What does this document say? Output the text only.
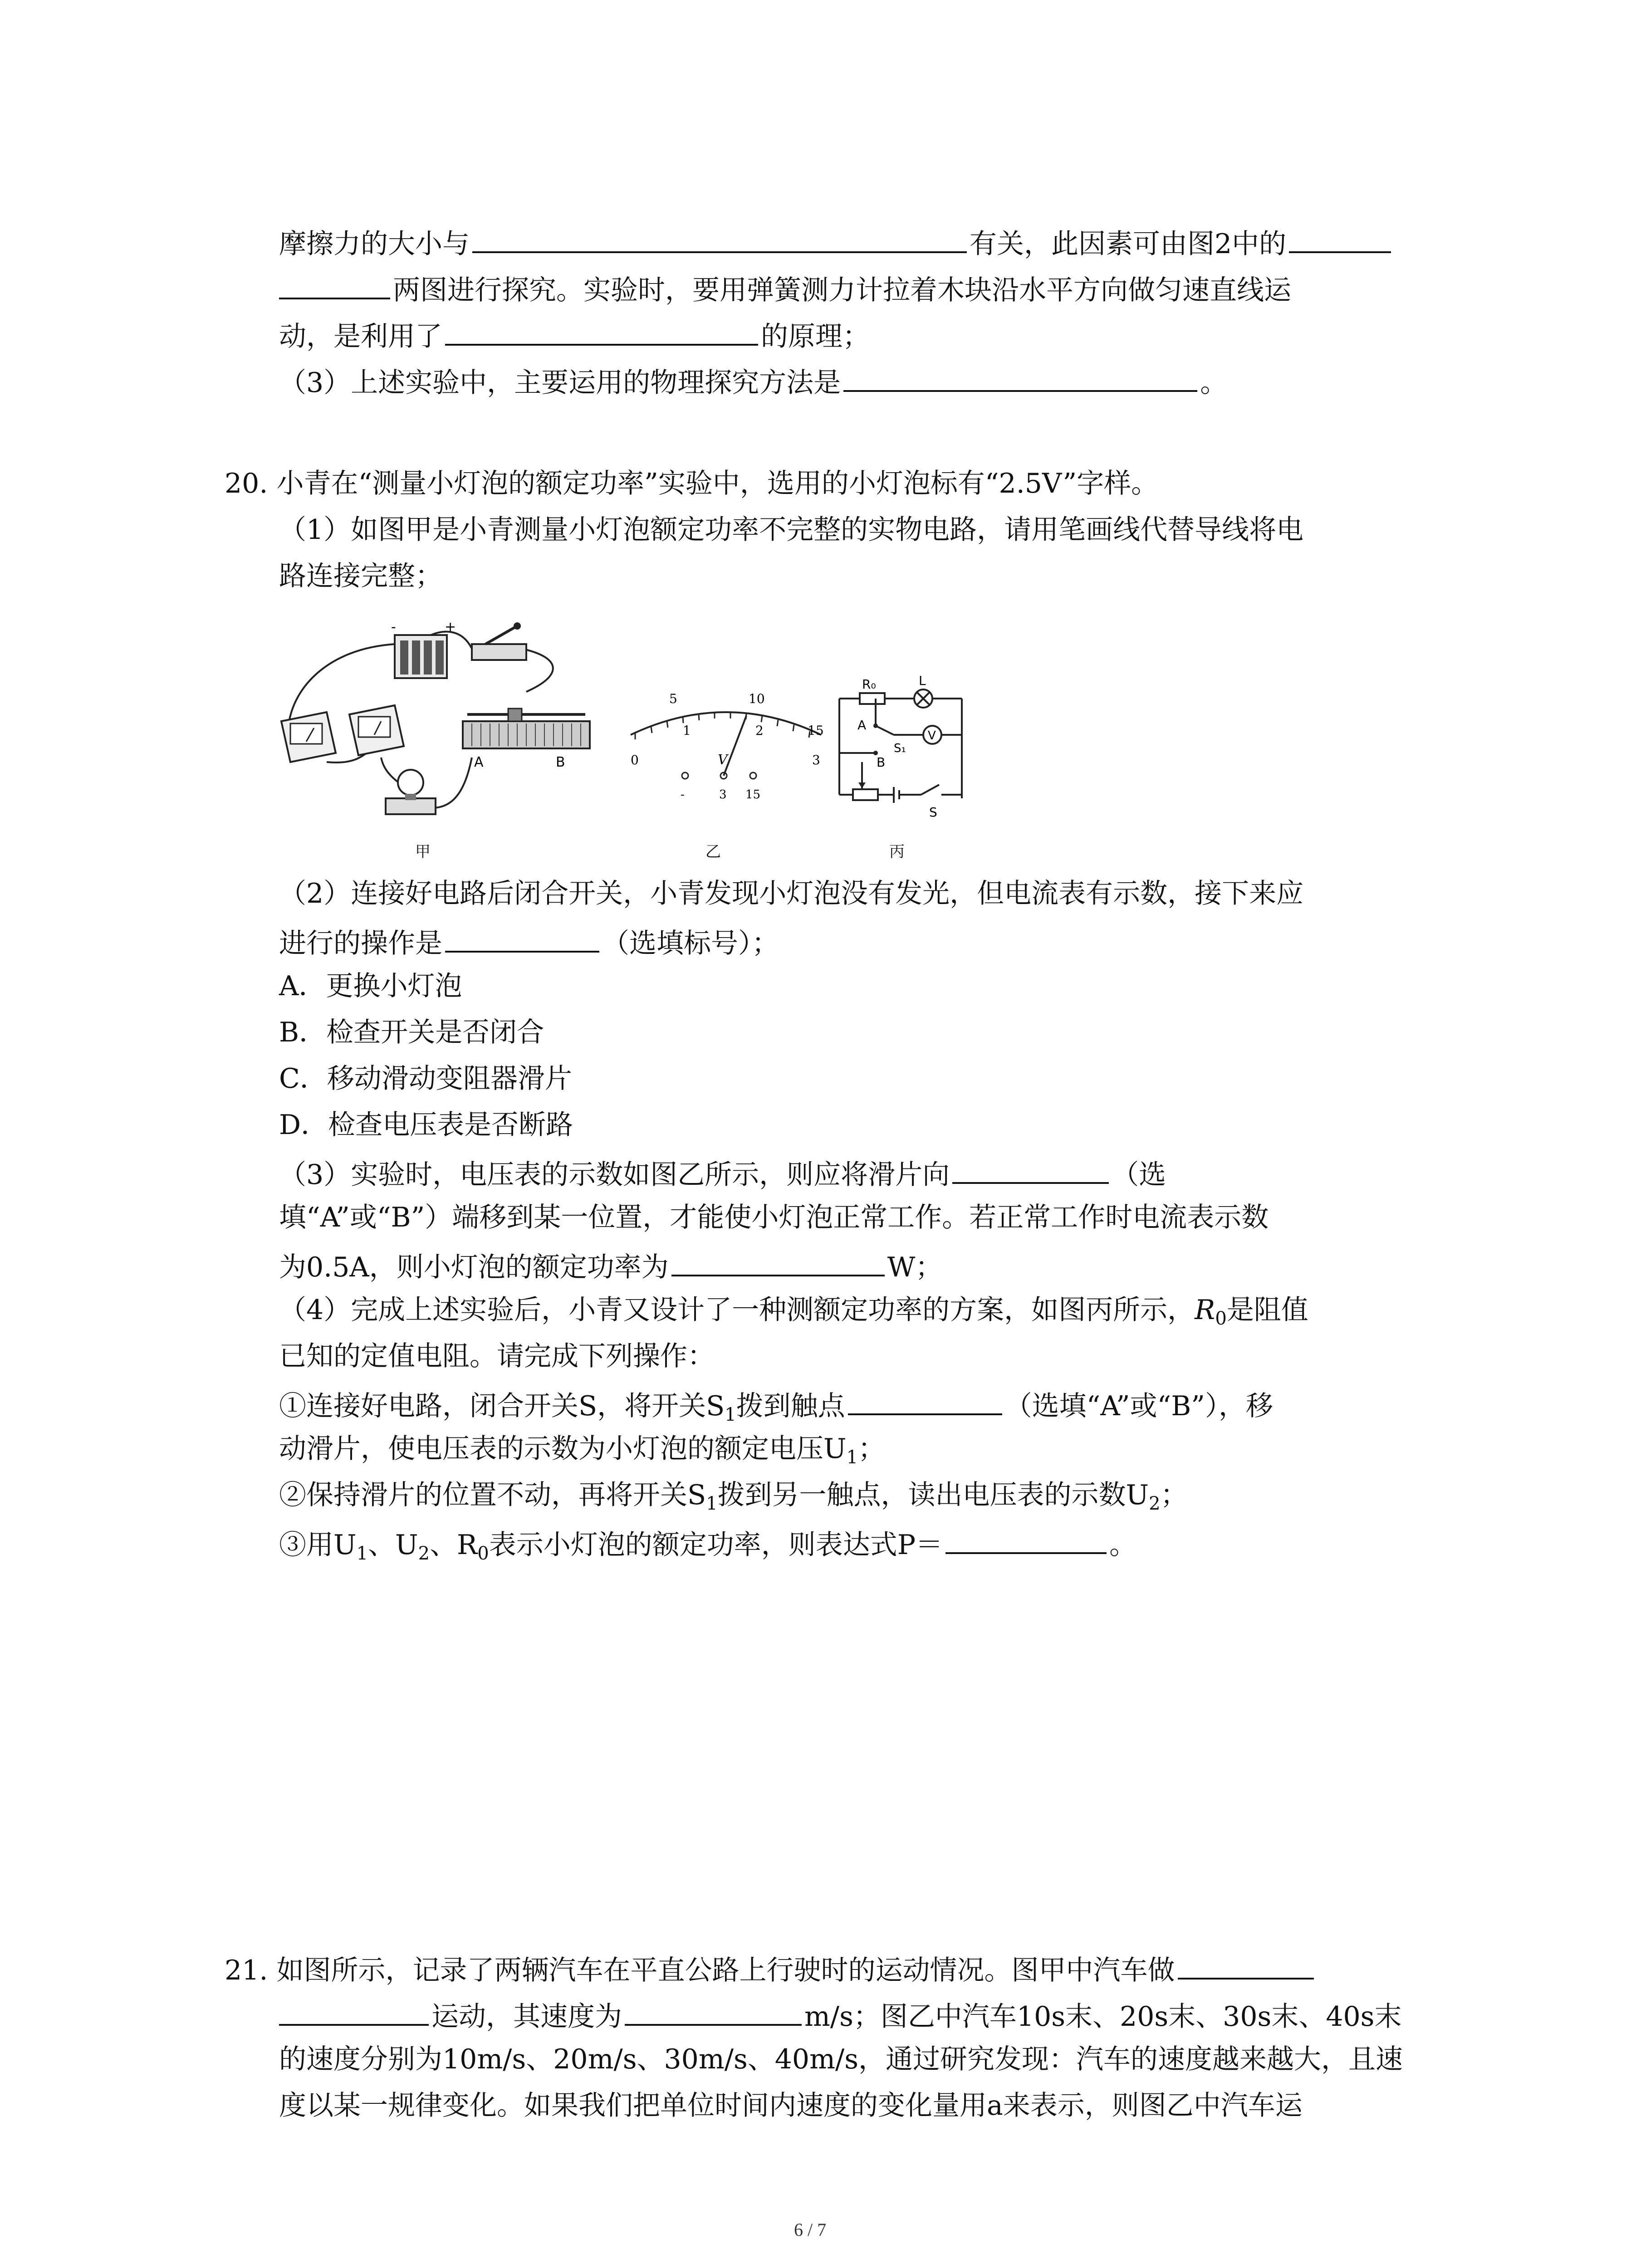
摩擦力的大小与	有关，此因素可由图2中的
两图进行探究。实验时，要用弹簧测力计拉着木块沿水平方向做匀速直线运
动，是利用了	的原理；
（3）上述实验中，主要运用的物理探究方法是	。
20. 小青在“测量小灯泡的额定功率”实验中，选用的小灯泡标有“2.5V”字样。
（1）如图甲是小青测量小灯泡额定功率不完整的实物电路，请用笔画线代替导线将电
路连接完整；
-	+
A	B
甲
5	10
0
1	2
3
15
V
-	3 15
乙
R₀	L
A
B
S₁
V
S
丙
（2）连接好电路后闭合开关，小青发现小灯泡没有发光，但电流表有示数，接下来应
进行的操作是	（选填标号）；
A．更换小灯泡
B．检查开关是否闭合
C．移动滑动变阻器滑片
D．检查电压表是否断路
（3）实验时，电压表的示数如图乙所示，则应将滑片向	（选
填“A”或“B”）端移到某一位置，才能使小灯泡正常工作。若正常工作时电流表示数
为0.5A，则小灯泡的额定功率为	W；
（4）完成上述实验后，小青又设计了一种测额定功率的方案，如图丙所示，$R_0$是阻值
已知的定值电阻。请完成下列操作：
①连接好电路，闭合开关S，将开关$S_1$拨到触点	（选填“A”或“B”），移
动滑片，使电压表的示数为小灯泡的额定电压$U_1$；
②保持滑片的位置不动，再将开关$S_1$拨到另一触点，读出电压表的示数$U_2$；
③用$U_1$、$U_2$、$R_0$表示小灯泡的额定功率，则表达式P＝	。
21. 如图所示，记录了两辆汽车在平直公路上行驶时的运动情况。图甲中汽车做
运动，其速度为	m/s；图乙中汽车10s末、20s末、30s末、40s末
的速度分别为10m/s、20m/s、30m/s、40m/s，通过研究发现：汽车的速度越来越大，且速
度以某一规律变化。如果我们把单位时间内速度的变化量用a来表示，则图乙中汽车运
6 / 7
